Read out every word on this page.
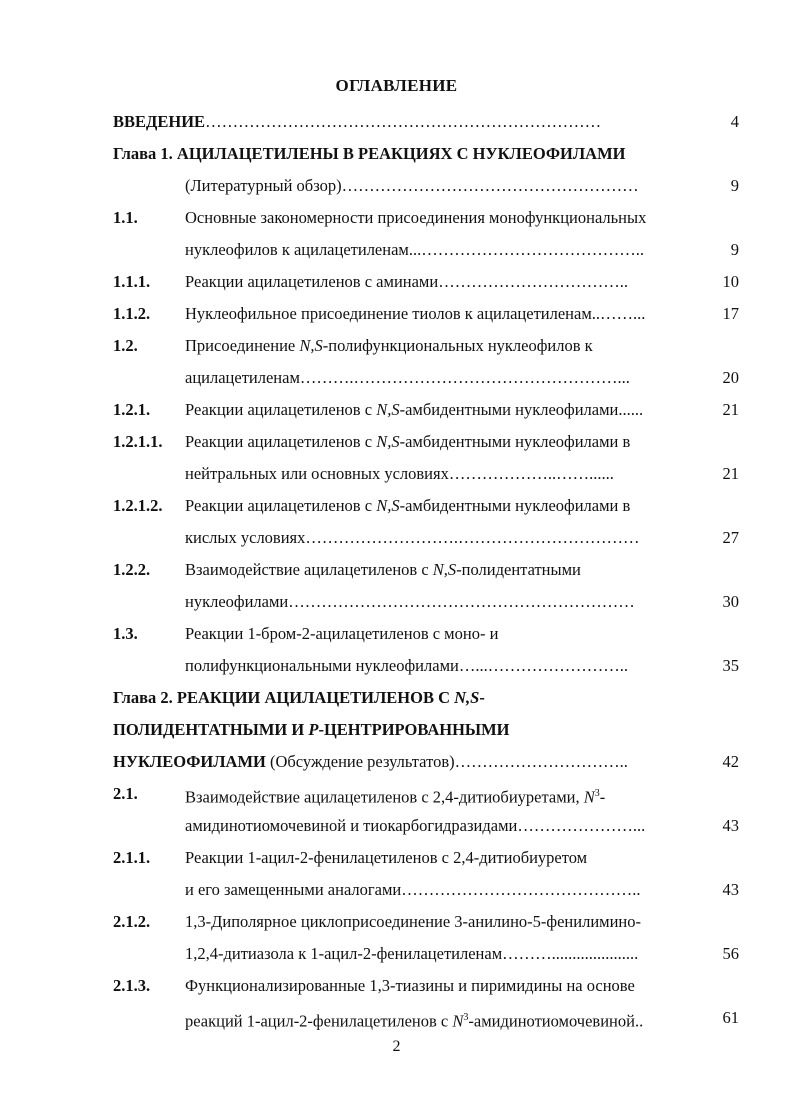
ОГЛАВЛЕНИЕ
ВВЕДЕНИЕ………………………………………………………………	4
Глава 1. АЦИЛАЦЕТИЛЕНЫ В РЕАКЦИЯХ С НУКЛЕОФИЛАМИ
(Литературный обзор)………………………………………………	9
1.1.	Основные закономерности присоединения монофункциональных
нуклеофилов к ацилацетиленам...…………………………………..	9
1.1.1. Реакции ацилацетиленов с аминами……………………………..	10
1.1.2. Нуклеофильное присоединение тиолов к ацилацетиленам..……...	17
1.2.	Присоединение N,S-полифункциональных нуклеофилов к
ацилацетиленам……….…………………………………………...	20
1.2.1. Реакции ацилацетиленов с N,S-амбидентными нуклеофилами......	21
1.2.1.1. Реакции ацилацетиленов с N,S-амбидентными нуклеофилами в
нейтральных или основных условиях………………..……......	21
1.2.1.2. Реакции ацилацетиленов с N,S-амбидентными нуклеофилами в
кислых условиях……………………….……………………………	27
1.2.2. Взаимодействие ацилацетиленов с N,S-полидентатными
нуклеофилами………………………………………………………	30
1.3.	Реакции 1-бром-2-ацилацетиленов с моно- и
полифункциональными нуклеофилами…...……………………..	35
Глава 2. РЕАКЦИИ АЦИЛАЦЕТИЛЕНОВ С N,S-
ПОЛИДЕНТАТНЫМИ И Р-ЦЕНТРИРОВАННЫМИ
НУКЛЕОФИЛАМИ (Обсуждение результатов)…………………………..	42
2.1.	Взаимодействие ацилацетиленов с 2,4-дитиобиуретами, $N^3-$
амидинотиомочевиной и тиокарбогидразидами…………………...	43
2.1.1. Реакции 1-ацил-2-фенилацетиленов с 2,4-дитиобиуретом
и его замещенными аналогами……………………………………..	43
2.1.2. 1,3-Диполярное циклоприсоединение 3-анилино-5-фенилимино-
1,2,4-дитиазола к 1-ацил-2-фенилацетиленам……….....................	56
2.1.3. Функционализированные 1,3-тиазины и пиримидины на основе
реакций 1-ацил-2-фенилацетиленов с $N^3$-амидинотиомочевиной..	61
2
